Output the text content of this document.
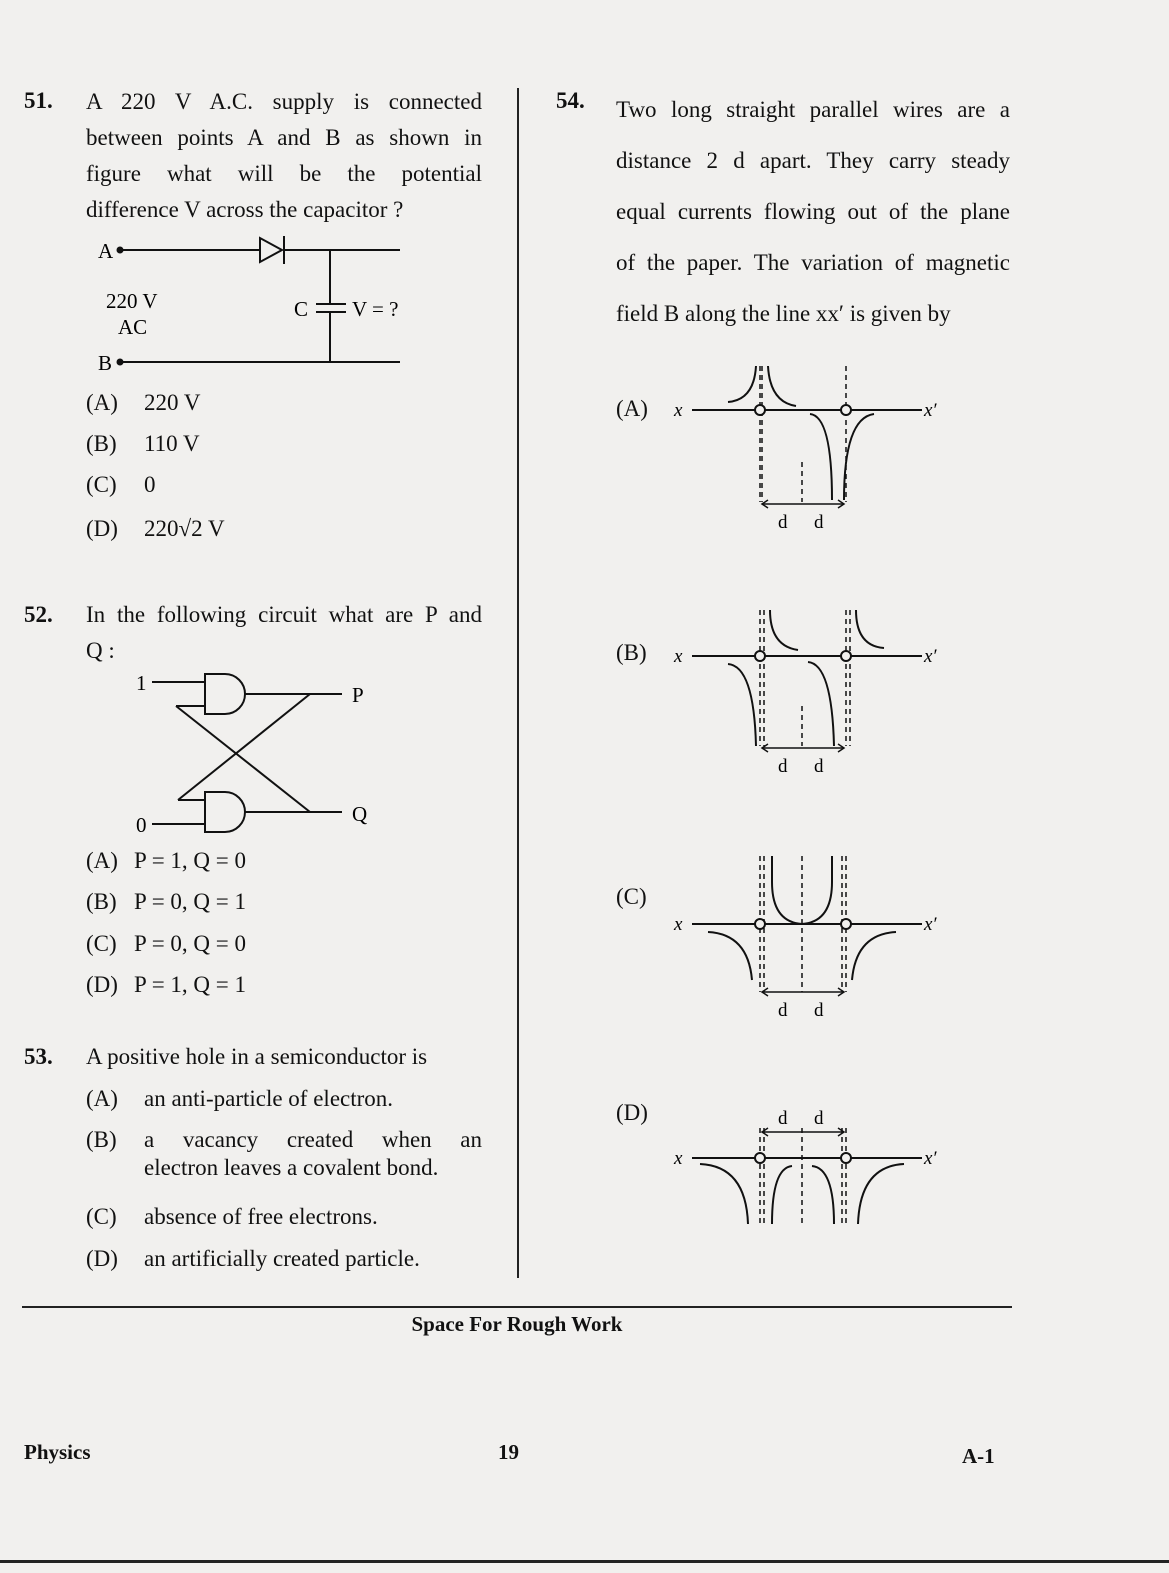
51. A 220 V A.C. supply is connected
between points A and B as shown in
figure what will be the potential
difference V across the capacitor ?
A
B
220 V
AC
C V = ?
(A) 220 V
(B) 110 V
(C) 0
(D) 220√2 V
52. In the following circuit what are P and
Q :
1
0
P
Q
(A) P = 1, Q = 0
(B) P = 0, Q = 1
(C) P = 0, Q = 0
(D) P = 1, Q = 1
53. A positive hole in a semiconductor is
(A) an anti-particle of electron.
(B)	a vacancy created when an
electron leaves a covalent bond.
(C) absence of free electrons.
(D) an artificially created particle.
54. Two long straight parallel wires are a
distance 2 d apart. They carry steady
equal currents flowing out of the plane
of the paper. The variation of magnetic
field B along the line xx′ is given by
(A) x	x′
d d
(B) x	x′
d d
(C)
x	x′
d d
(D)
x	x′
d d
Space For Rough Work
Physics	19	A-1
